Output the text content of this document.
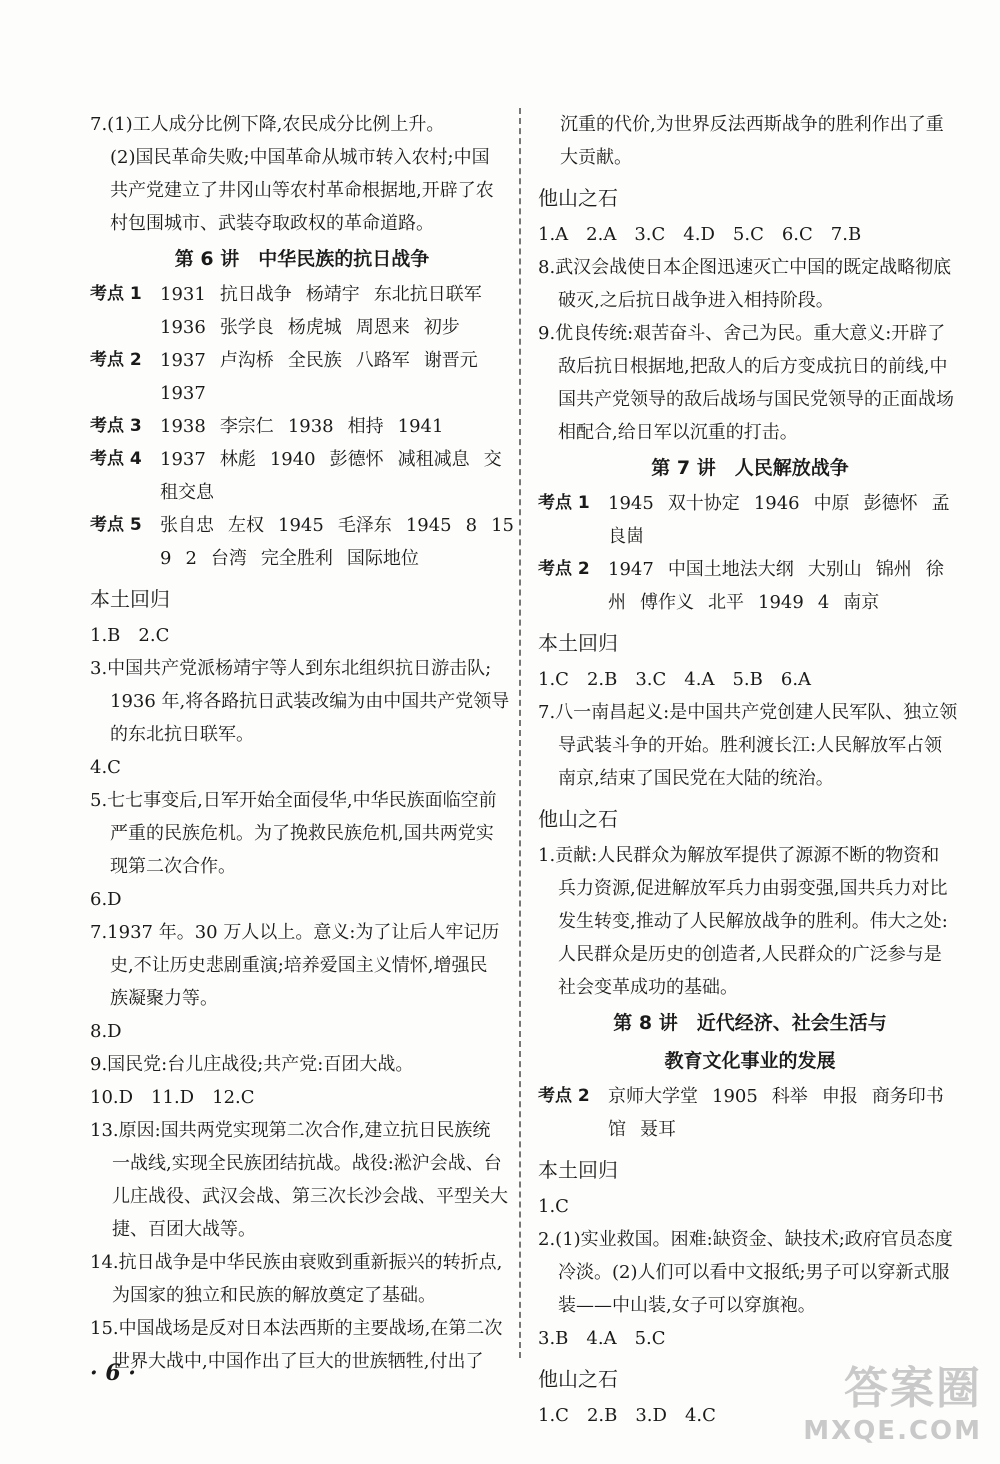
7.(1)工人成分比例下降,农民成分比例上升。
(2)国民革命失败;中国革命从城市转入农村;中国
共产党建立了井冈山等农村革命根据地,开辟了农
村包围城市、武装夺取政权的革命道路。
第 6 讲　中华民族的抗日战争
考点 1	1931 抗日战争 杨靖宇 东北抗日联军
1936 张学良 杨虎城 周恩来 初步
考点 2	1937 卢沟桥 全民族 八路军 谢晋元
1937
考点 3	1938 李宗仁 1938 相持 1941
考点 4	1937 林彪 1940 彭德怀 减租减息 交
租交息
考点 5	张自忠 左权 1945 毛泽东 1945 8 15
9 2 台湾 完全胜利 国际地位
本土回归
1.B　2.C
3.中国共产党派杨靖宇等人到东北组织抗日游击队;
1936 年,将各路抗日武装改编为由中国共产党领导
的东北抗日联军。
4.C
5.七七事变后,日军开始全面侵华,中华民族面临空前
严重的民族危机。为了挽救民族危机,国共两党实
现第二次合作。
6.D
7.1937 年。30 万人以上。意义:为了让后人牢记历
史,不让历史悲剧重演;培养爱国主义情怀,增强民
族凝聚力等。
8.D
9.国民党:台儿庄战役;共产党:百团大战。
10.D　11.D　12.C
13.原因:国共两党实现第二次合作,建立抗日民族统
一战线,实现全民族团结抗战。战役:淞沪会战、台
儿庄战役、武汉会战、第三次长沙会战、平型关大
捷、百团大战等。
14.抗日战争是中华民族由衰败到重新振兴的转折点,
为国家的独立和民族的解放奠定了基础。
15.中国战场是反对日本法西斯的主要战场,在第二次
世界大战中,中国作出了巨大的世族牺牲,付出了
沉重的代价,为世界反法西斯战争的胜利作出了重
大贡献。
他山之石
1.A　2.A　3.C　4.D　5.C　6.C　7.B
8.武汉会战使日本企图迅速灭亡中国的既定战略彻底
破灭,之后抗日战争进入相持阶段。
9.优良传统:艰苦奋斗、舍己为民。重大意义:开辟了
敌后抗日根据地,把敌人的后方变成抗日的前线,中
国共产党领导的敌后战场与国民党领导的正面战场
相配合,给日军以沉重的打击。
第 7 讲　人民解放战争
考点 1	1945 双十协定 1946 中原 彭德怀 孟
良崮
考点 2	1947 中国土地法大纲 大别山 锦州 徐
州 傅作义 北平 1949 4 南京
本土回归
1.C　2.B　3.C　4.A　5.B　6.A
7.八一南昌起义:是中国共产党创建人民军队、独立领
导武装斗争的开始。胜利渡长江:人民解放军占领
南京,结束了国民党在大陆的统治。
他山之石
1.贡献:人民群众为解放军提供了源源不断的物资和
兵力资源,促进解放军兵力由弱变强,国共兵力对比
发生转变,推动了人民解放战争的胜利。伟大之处:
人民群众是历史的创造者,人民群众的广泛参与是
社会变革成功的基础。
第 8 讲　近代经济、社会生活与
教育文化事业的发展
考点 2	京师大学堂 1905 科举 申报 商务印书
馆 聂耳
本土回归
1.C
2.(1)实业救国。困难:缺资金、缺技术;政府官员态度
冷淡。(2)人们可以看中文报纸;男子可以穿新式服
装——中山装,女子可以穿旗袍。
3.B　4.A　5.C
他山之石
1.C　2.B　3.D　4.C
· 6 ·	答案圈
MXQE.COM
